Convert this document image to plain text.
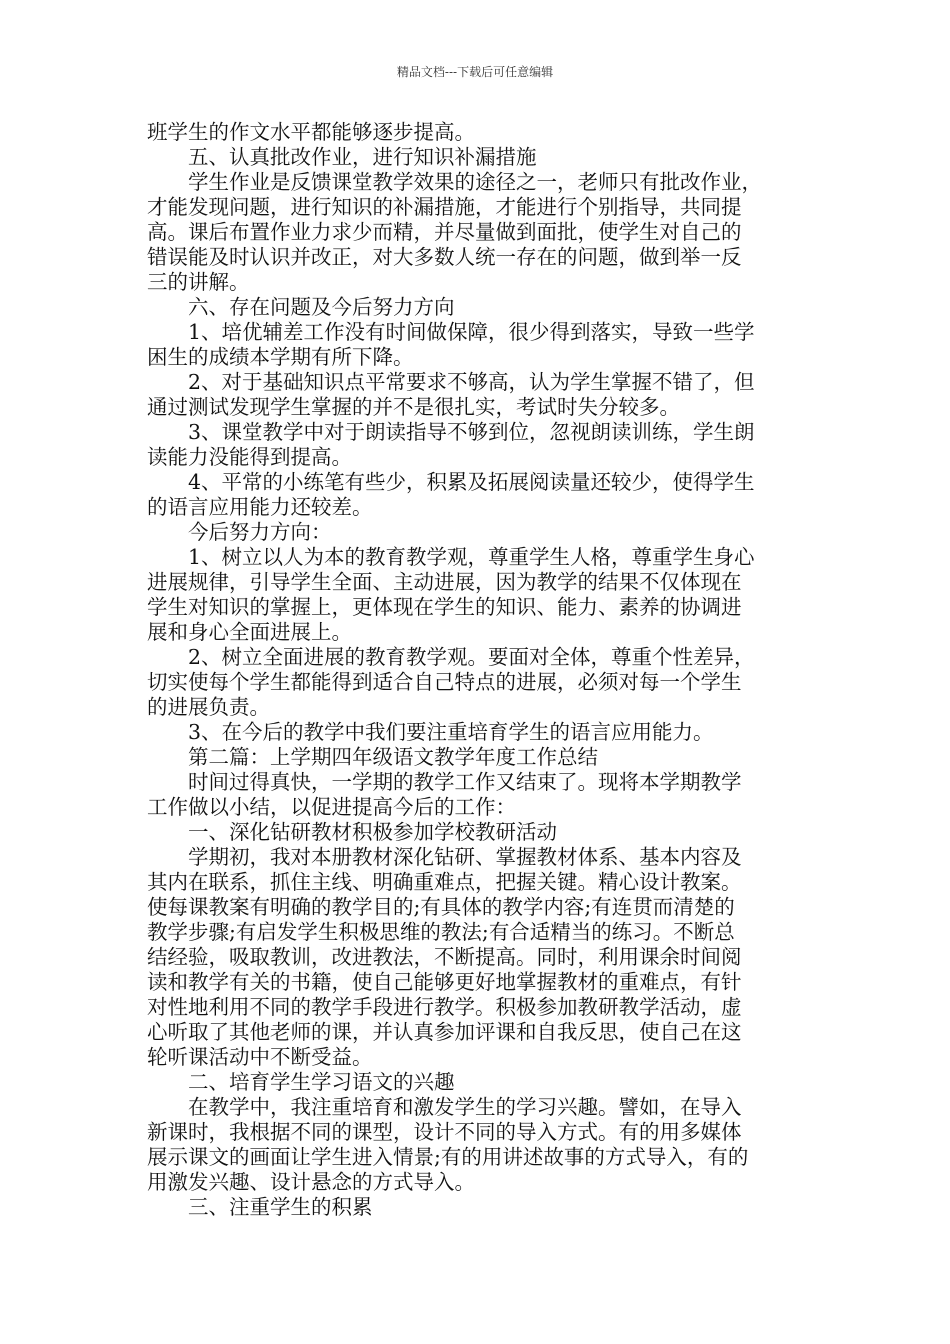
精品文档---下载后可任意编辑
班学生的作文水平都能够逐步提高。
五、认真批改作业，进行知识补漏措施
学生作业是反馈课堂教学效果的途径之一，老师只有批改作业，
才能发现问题，进行知识的补漏措施，才能进行个别指导，共同提
高。课后布置作业力求少而精，并尽量做到面批，使学生对自己的
错误能及时认识并改正，对大多数人统一存在的问题，做到举一反
三的讲解。
六、存在问题及今后努力方向
1、培优辅差工作没有时间做保障，很少得到落实，导致一些学
困生的成绩本学期有所下降。
2、对于基础知识点平常要求不够高，认为学生掌握不错了，但
通过测试发现学生掌握的并不是很扎实，考试时失分较多。
3、课堂教学中对于朗读指导不够到位，忽视朗读训练，学生朗
读能力没能得到提高。
4、平常的小练笔有些少，积累及拓展阅读量还较少，使得学生
的语言应用能力还较差。
今后努力方向：
1、树立以人为本的教育教学观，尊重学生人格，尊重学生身心
进展规律，引导学生全面、主动进展，因为教学的结果不仅体现在
学生对知识的掌握上，更体现在学生的知识、能力、素养的协调进
展和身心全面进展上。
2、树立全面进展的教育教学观。要面对全体，尊重个性差异，
切实使每个学生都能得到适合自己特点的进展，必须对每一个学生
的进展负责。
3、在今后的教学中我们要注重培育学生的语言应用能力。
第二篇：上学期四年级语文教学年度工作总结
时间过得真快，一学期的教学工作又结束了。现将本学期教学
工作做以小结，以促进提高今后的工作：
一、深化钻研教材积极参加学校教研活动
学期初，我对本册教材深化钻研、掌握教材体系、基本内容及
其内在联系，抓住主线、明确重难点，把握关键。精心设计教案。
使每课教案有明确的教学目的;有具体的教学内容;有连贯而清楚的
教学步骤;有启发学生积极思维的教法;有合适精当的练习。不断总
结经验，吸取教训，改进教法，不断提高。同时，利用课余时间阅
读和教学有关的书籍，使自己能够更好地掌握教材的重难点，有针
对性地利用不同的教学手段进行教学。积极参加教研教学活动，虚
心听取了其他老师的课，并认真参加评课和自我反思，使自己在这
轮听课活动中不断受益。
二、培育学生学习语文的兴趣
在教学中，我注重培育和激发学生的学习兴趣。譬如，在导入
新课时，我根据不同的课型，设计不同的导入方式。有的用多媒体
展示课文的画面让学生进入情景;有的用讲述故事的方式导入，有的
用激发兴趣、设计悬念的方式导入。
三、注重学生的积累
